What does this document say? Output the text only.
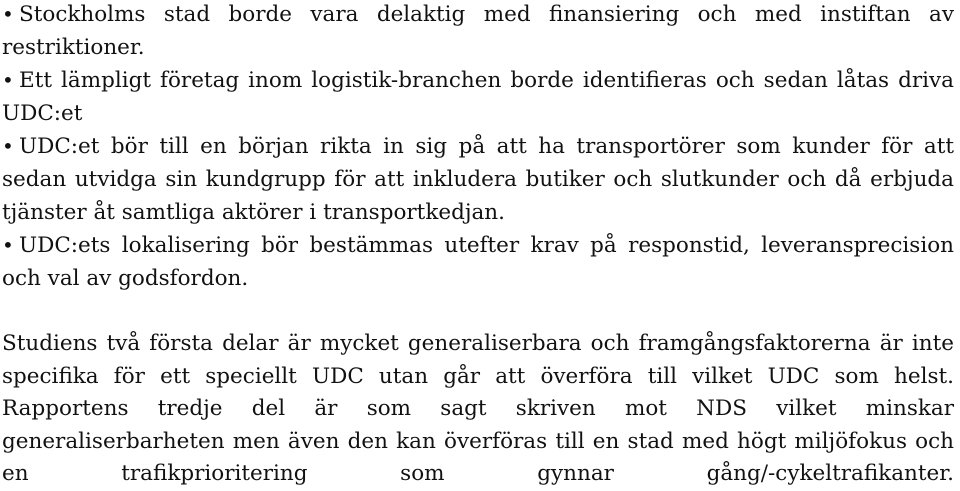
• Stockholms stad borde vara delaktig med finansiering och med instiftan av restriktioner.
• Ett lämpligt företag inom logistik-branchen borde identifieras och sedan låtas driva UDC:et
• UDC:et bör till en början rikta in sig på att ha transportörer som kunder för att sedan utvidga sin kundgrupp för att inkludera butiker och slutkunder och då erbjuda tjänster åt samtliga aktörer i transportkedjan.
• UDC:ets lokalisering bör bestämmas utefter krav på responstid, leveransprecision och val av godsfordon.
Studiens två första delar är mycket generaliserbara och framgångsfaktorerna är inte specifika för ett speciellt UDC utan går att överföra till vilket UDC som helst. Rapportens tredje del är som sagt skriven mot NDS vilket minskar generaliserbarheten men även den kan överföras till en stad med högt miljöfokus och en trafikprioritering som gynnar gång/-cykeltrafikanter.
